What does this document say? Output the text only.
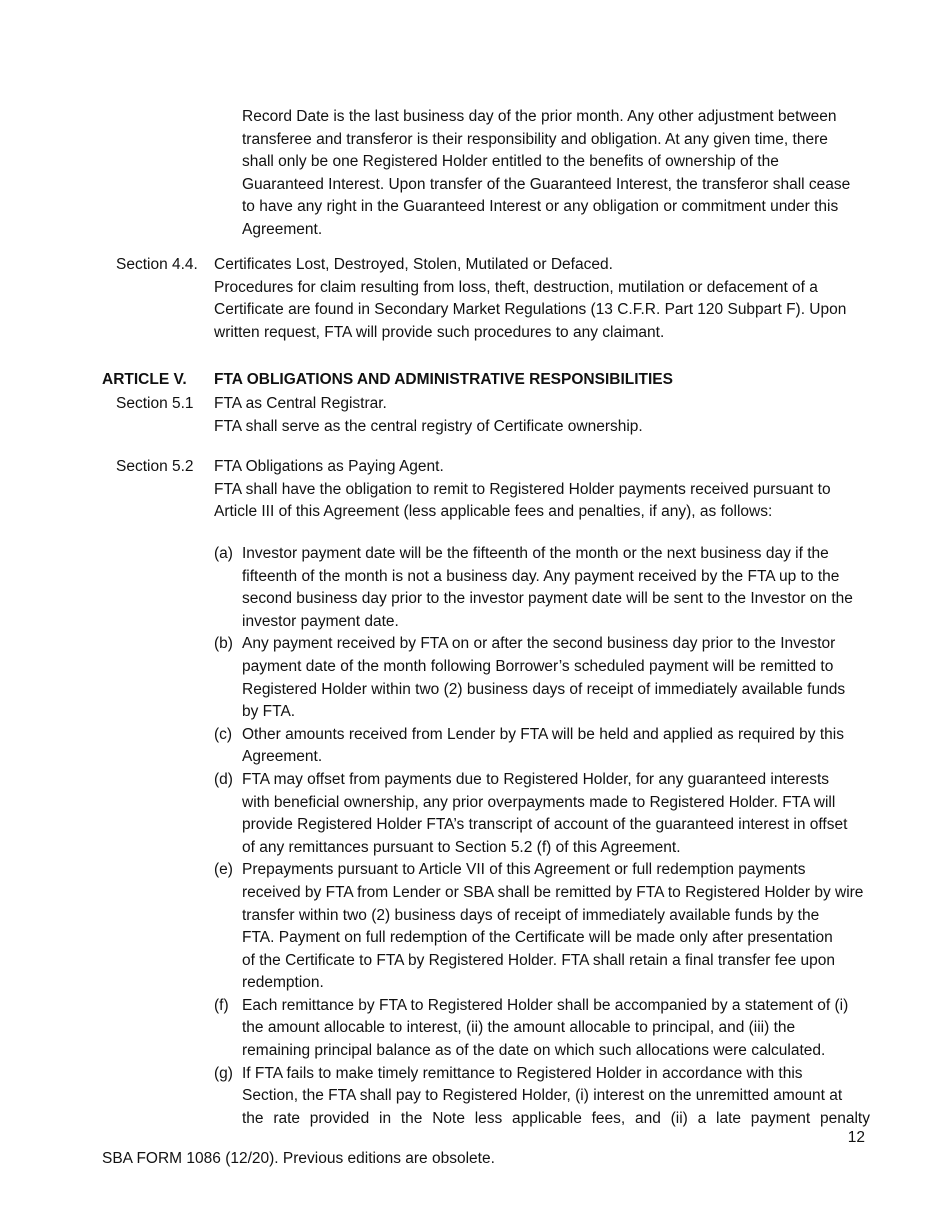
Record Date is the last business day of the prior month. Any other adjustment between
transferee and transferor is their responsibility and obligation. At any given time, there
shall only be one Registered Holder entitled to the benefits of ownership of the
Guaranteed Interest. Upon transfer of the Guaranteed Interest, the transferor shall cease
to have any right in the Guaranteed Interest or any obligation or commitment under this
Agreement.
Section 4.4. Certificates Lost, Destroyed, Stolen, Mutilated or Defaced.
Procedures for claim resulting from loss, theft, destruction, mutilation or defacement of a
Certificate are found in Secondary Market Regulations (13 C.F.R. Part 120 Subpart F). Upon
written request, FTA will provide such procedures to any claimant.
ARTICLE V. FTA OBLIGATIONS AND ADMINISTRATIVE RESPONSIBILITIES
Section 5.1 FTA as Central Registrar.
FTA shall serve as the central registry of Certificate ownership.
Section 5.2 FTA Obligations as Paying Agent.
FTA shall have the obligation to remit to Registered Holder payments received pursuant to
Article III of this Agreement (less applicable fees and penalties, if any), as follows:
(a) Investor payment date will be the fifteenth of the month or the next business day if the
fifteenth of the month is not a business day. Any payment received by the FTA up to the
second business day prior to the investor payment date will be sent to the Investor on the
investor payment date.
(b) Any payment received by FTA on or after the second business day prior to the Investor
payment date of the month following Borrower’s scheduled payment will be remitted to
Registered Holder within two (2) business days of receipt of immediately available funds
by FTA.
(c) Other amounts received from Lender by FTA will be held and applied as required by this
Agreement.
(d) FTA may offset from payments due to Registered Holder, for any guaranteed interests
with beneficial ownership, any prior overpayments made to Registered Holder. FTA will
provide Registered Holder FTA’s transcript of account of the guaranteed interest in offset
of any remittances pursuant to Section 5.2 (f) of this Agreement.
(e) Prepayments pursuant to Article VII of this Agreement or full redemption payments
received by FTA from Lender or SBA shall be remitted by FTA to Registered Holder by wire
transfer within two (2) business days of receipt of immediately available funds by the
FTA. Payment on full redemption of the Certificate will be made only after presentation
of the Certificate to FTA by Registered Holder. FTA shall retain a final transfer fee upon
redemption.
(f) Each remittance by FTA to Registered Holder shall be accompanied by a statement of (i)
the amount allocable to interest, (ii) the amount allocable to principal, and (iii) the
remaining principal balance as of the date on which such allocations were calculated.
(g) If FTA fails to make timely remittance to Registered Holder in accordance with this
Section, the FTA shall pay to Registered Holder, (i) interest on the unremitted amount at
the rate provided in the Note less applicable fees, and (ii) a late payment penalty
12
SBA FORM 1086 (12/20). Previous editions are obsolete.
